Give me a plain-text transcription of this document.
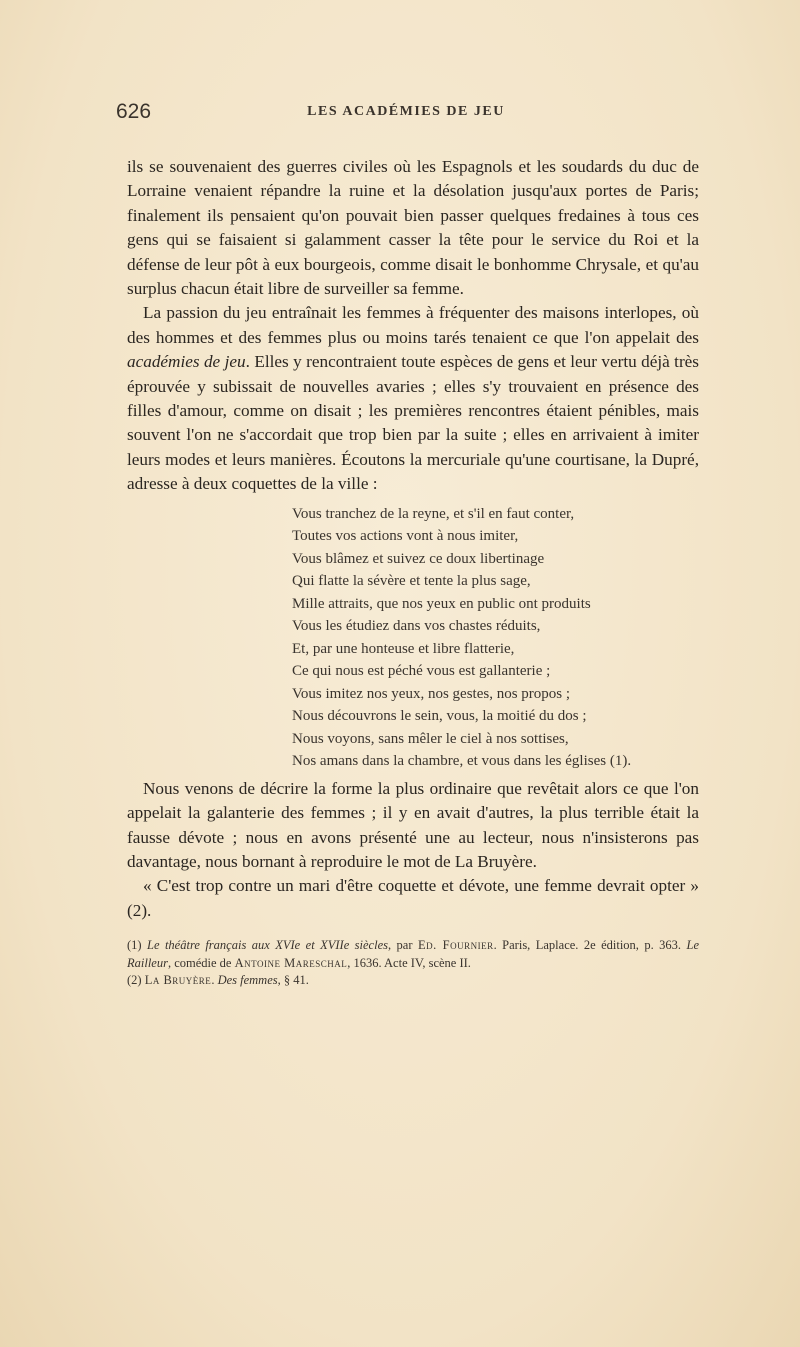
626	LES ACADÉMIES DE JEU

ils se souvenaient des guerres civiles où les Espagnols et les soudards du duc de Lorraine venaient répandre la ruine et la désolation jusqu'aux portes de Paris; finalement ils pensaient qu'on pouvait bien passer quelques fredaines à tous ces gens qui se faisaient si galamment casser la tête pour le service du Roi et la défense de leur pôt à eux bourgeois, comme disait le bonhomme Chrysale, et qu'au surplus chacun était libre de surveiller sa femme.

La passion du jeu entraînait les femmes à fréquenter des maisons interlopes, où des hommes et des femmes plus ou moins tarés tenaient ce que l'on appelait des académies de jeu. Elles y rencontraient toute espèces de gens et leur vertu déjà très éprouvée y subissait de nouvelles avaries ; elles s'y trouvaient en présence des filles d'amour, comme on disait ; les premières rencontres étaient pénibles, mais souvent l'on ne s'accordait que trop bien par la suite ; elles en arrivaient à imiter leurs modes et leurs manières. Écoutons la mercuriale qu'une courtisane, la Dupré, adresse à deux coquettes de la ville :

Vous tranchez de la reyne, et s'il en faut conter,
Toutes vos actions vont à nous imiter,
Vous blâmez et suivez ce doux libertinage
Qui flatte la sévère et tente la plus sage,
Mille attraits, que nos yeux en public ont produits
Vous les étudiez dans vos chastes réduits,
Et, par une honteuse et libre flatterie,
Ce qui nous est péché vous est gallanterie ;
Vous imitez nos yeux, nos gestes, nos propos ;
Nous découvrons le sein, vous, la moitié du dos ;
Nous voyons, sans mêler le ciel à nos sottises,
Nos amans dans la chambre, et vous dans les églises (1).

Nous venons de décrire la forme la plus ordinaire que revêtait alors ce que l'on appelait la galanterie des femmes ; il y en avait d'autres, la plus terrible était la fausse dévote ; nous en avons présenté une au lecteur, nous n'insisterons pas davantage, nous bornant à reproduire le mot de La Bruyère.

« C'est trop contre un mari d'être coquette et dévote, une femme devrait opter » (2).

(1) Le théâtre français aux XVIe et XVIIe siècles, par Ed. Fournier. Paris, Laplace. 2e édition, p. 363. Le Railleur, comédie de Antoine Mareschal, 1636. Acte IV, scène II.

(2) La Bruyère. Des femmes, § 41.
